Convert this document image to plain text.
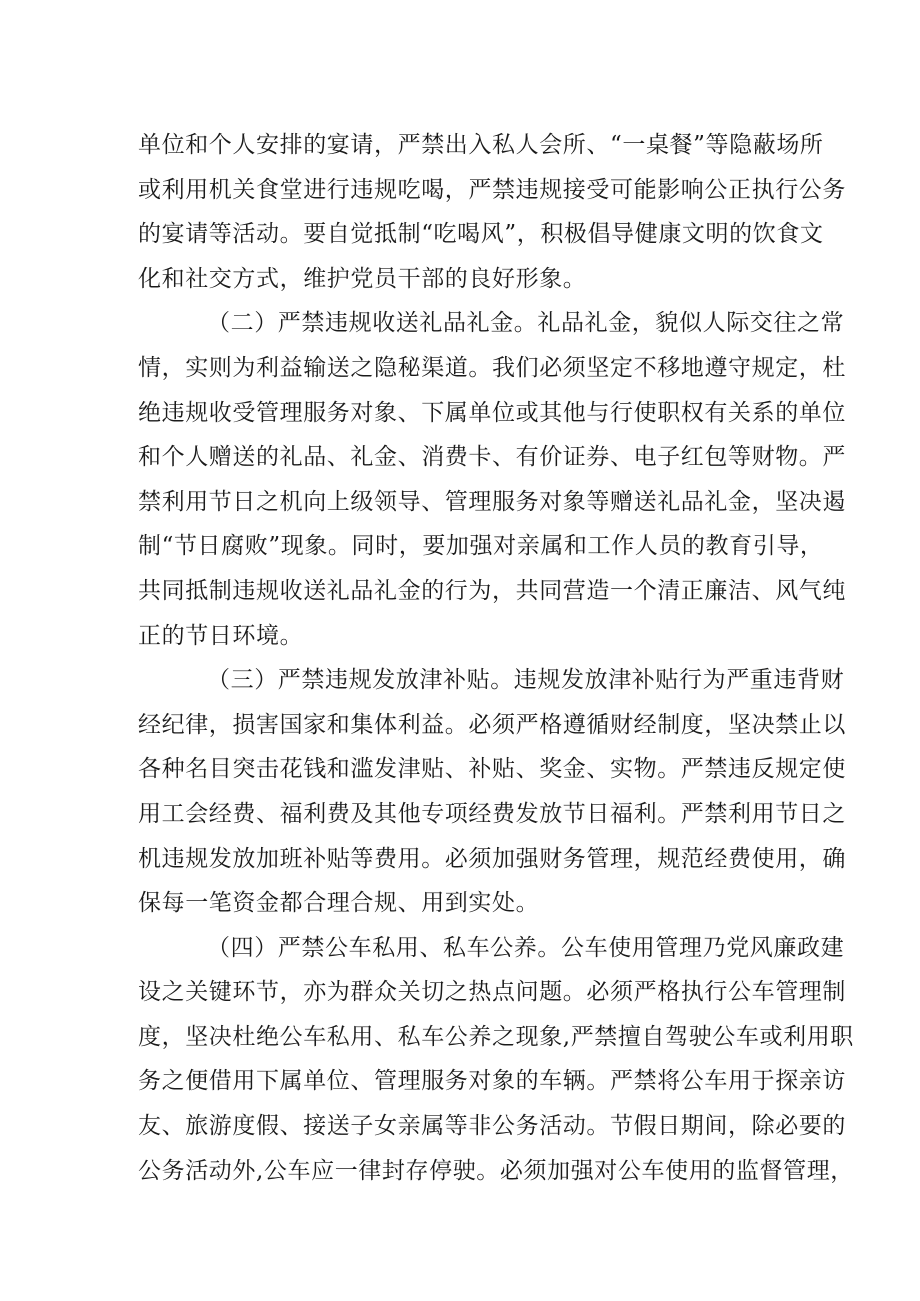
单位和个人安排的宴请，严禁出入私人会所、“一桌餐”等隐蔽场所
或利用机关食堂进行违规吃喝，严禁违规接受可能影响公正执行公务
的宴请等活动。要自觉抵制“吃喝风”，积极倡导健康文明的饮食文
化和社交方式，维护党员干部的良好形象。
（二）严禁违规收送礼品礼金。礼品礼金，貌似人际交往之常
情，实则为利益输送之隐秘渠道。我们必须坚定不移地遵守规定，杜
绝违规收受管理服务对象、下属单位或其他与行使职权有关系的单位
和个人赠送的礼品、礼金、消费卡、有价证券、电子红包等财物。严
禁利用节日之机向上级领导、管理服务对象等赠送礼品礼金，坚决遏
制“节日腐败”现象。同时，要加强对亲属和工作人员的教育引导，
共同抵制违规收送礼品礼金的行为，共同营造一个清正廉洁、风气纯
正的节日环境。
（三）严禁违规发放津补贴。违规发放津补贴行为严重违背财
经纪律，损害国家和集体利益。必须严格遵循财经制度，坚决禁止以
各种名目突击花钱和滥发津贴、补贴、奖金、实物。严禁违反规定使
用工会经费、福利费及其他专项经费发放节日福利。严禁利用节日之
机违规发放加班补贴等费用。必须加强财务管理，规范经费使用，确
保每一笔资金都合理合规、用到实处。
（四）严禁公车私用、私车公养。公车使用管理乃党风廉政建
设之关键环节，亦为群众关切之热点问题。必须严格执行公车管理制
度，坚决杜绝公车私用、私车公养之现象,严禁擅自驾驶公车或利用职
务之便借用下属单位、管理服务对象的车辆。严禁将公车用于探亲访
友、旅游度假、接送子女亲属等非公务活动。节假日期间，除必要的
公务活动外,公车应一律封存停驶。必须加强对公车使用的监督管理，
